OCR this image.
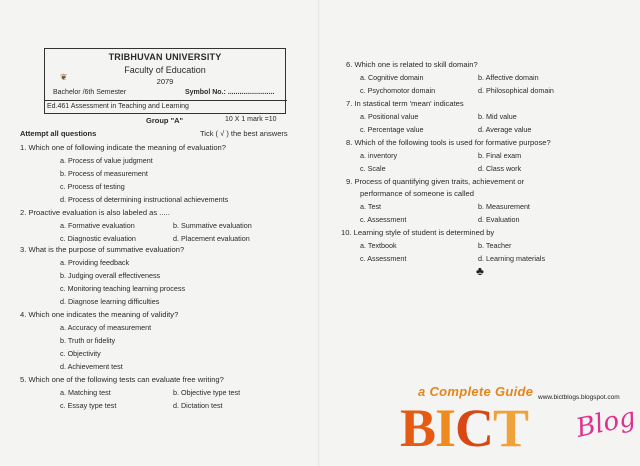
TRIBHUVAN UNIVERSITY
Faculty of Education
2079
Bachelor /6th Semester	Symbol No.: ........................
Ed.461 Assessment in Teaching and Learning
❦
Group "A"	10 X 1 mark =10
Attempt all questions	Tick ( √ ) the best answers
1. Which one of following indicate the meaning of evaluation?
a. Process of value judgment
b. Process of measurement
c. Process of testing
d. Process of determining instructional achievements
2. Proactive evaluation is also labeled as .....
a. Formative evaluation	b. Summative evaluation
c. Diagnostic evaluation	d. Placement evaluation
3. What is the purpose of summative evaluation?
a. Providing feedback
b. Judging overall effectiveness
c. Monitoring teaching learning process
d. Diagnose learning difficulties
4. Which one indicates the meaning of validity?
a. Accuracy of measurement
b. Truth or fidelity
c. Objectivity
d. Achievement test
5. Which one of the following tests can evaluate free writing?
a. Matching test	b. Objective type test
c. Essay type test	d. Dictation test
6. Which one is related to skill domain?
a. Cognitive domain	b. Affective domain
c. Psychomotor domain	d. Philosophical domain
7. In stastical term 'mean' indicates
a. Positional value	b. Mid value
c. Percentage value	d. Average value
8. Which of the following tools is used for formative purpose?
a. inventory	b. Final exam
c. Scale	d. Class work
9. Process of quantifying given traits, achievement or
performance of someone is called
a. Test	b. Measurement
c. Assessment	d. Evaluation
10. Learning style of student is determined by
a. Textbook	b. Teacher
c. Assessment	d. Learning materials
♣
a Complete Guide www.bictblogs.blogspot.com
BICT Blog
